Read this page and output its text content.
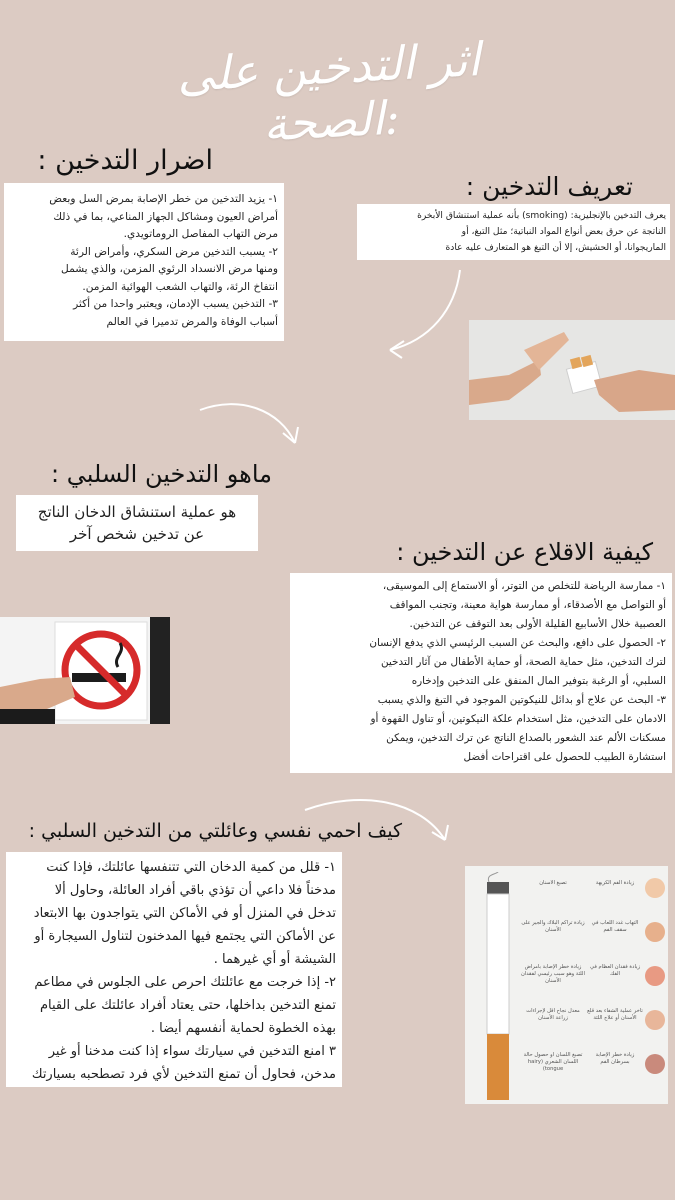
اثر التدخين على الصحة:
اضرار التدخين :
١- يزيد التدخين من خطر الإصابة بمرض السل وبعض
أمراض العيون ومشاكل الجهاز المناعي، بما في ذلك
مرض التهاب المفاصل الروماتويدي.
٢- يسبب التدخين مرض السكري، وأمراض الرئة
ومنها مرض الانسداد الرئوي المزمن، والذي يشمل
انتفاخ الرئة، والتهاب الشعب الهوائية المزمن.
٣- التدخين يسبب الإدمان، ويعتبر واحدا من أكثر
أسباب الوفاة والمرض تدميرا في العالم
تعريف التدخين :
يعرف التدخين بالإنجليزية: (smoking) بأنه عملية استنشاق الأبخرة
الناتجة عن حرق بعض أنواع المواد النباتية؛ مثل التبغ، أو
الماريجوانا، أو الحشيش، إلا أن التبغ هو المتعارف عليه عادة
ماهو التدخين السلبي :
هو عملية استنشاق الدخان الناتج
عن تدخين شخص آخر
كيفية الاقلاع عن التدخين :
١- ممارسة الرياضة للتخلص من التوتر، أو الاستماع إلى الموسيقى،
أو التواصل مع الأصدقاء، أو ممارسة هواية معينة، وتجنب المواقف
العصبية خلال الأسابيع القليلة الأولى بعد التوقف عن التدخين.
٢- الحصول على دافع، والبحث عن السبب الرئيسي الذي يدفع الإنسان
لترك التدخين، مثل حماية الصحة، أو حماية الأطفال من آثار التدخين
السلبي، أو الرغبة بتوفير المال المنفق على التدخين وإدخاره
٣- البحث عن علاج أو بدائل للنيكوتين الموجود في التبغ والذي يسبب
الادمان على التدخين، مثل استخدام علكة النيكوتين، أو تناول القهوة أو
مسكنات الألم عند الشعور بالصداع الناتج عن ترك التدخين، ويمكن
استشارة الطبيب للحصول على اقتراحات أفضل
كيف احمي نفسي وعائلتي من التدخين السلبي :
١- قلل من كمية الدخان التي تتنفسها عائلتك، فإذا كنت
مدخناً فلا داعي أن تؤذي باقي أفراد العائلة، وحاول ألا
تدخل في المنزل أو في الأماكن التي يتواجدون بها الابتعاد
عن الأماكن التي يجتمع فيها المدخنون لتناول السيجارة أو
الشيشة أو أي غيرهما .
٢- إذا خرجت مع عائلتك احرص على الجلوس في مطاعم
تمنع التدخين بداخلها، حتى يعتاد أفراد عائلتك على القيام
بهذه الخطوة لحماية أنفسهم أيضا .
٣ امنع التدخين في سيارتك سواء إذا كنت مدخنا أو غير
مدخن، فحاول أن تمنع التدخين لأي فرد تصطحبه بسيارتك
تصبغ الأسنان
زيادة تراكم البلاك والجير على الأسنان
زيادة خطر الإصابة بأمراض اللثة وهو سبب رئيسي لفقدان الأسنان
معدل نجاح أقل لإجراءات زراعة الأسنان
تصبغ اللسان أو حصول حالة اللسان الشعري (hairy tongue)
زيادة الفم الكريهة
التهاب غدد اللعاب في سقف الفم
زيادة فقدان العظام في الفك
تأخر عملية الشفاء بعد قلع الأسنان أو علاج اللثة
زيادة خطر الإصابة بسرطان الفم
